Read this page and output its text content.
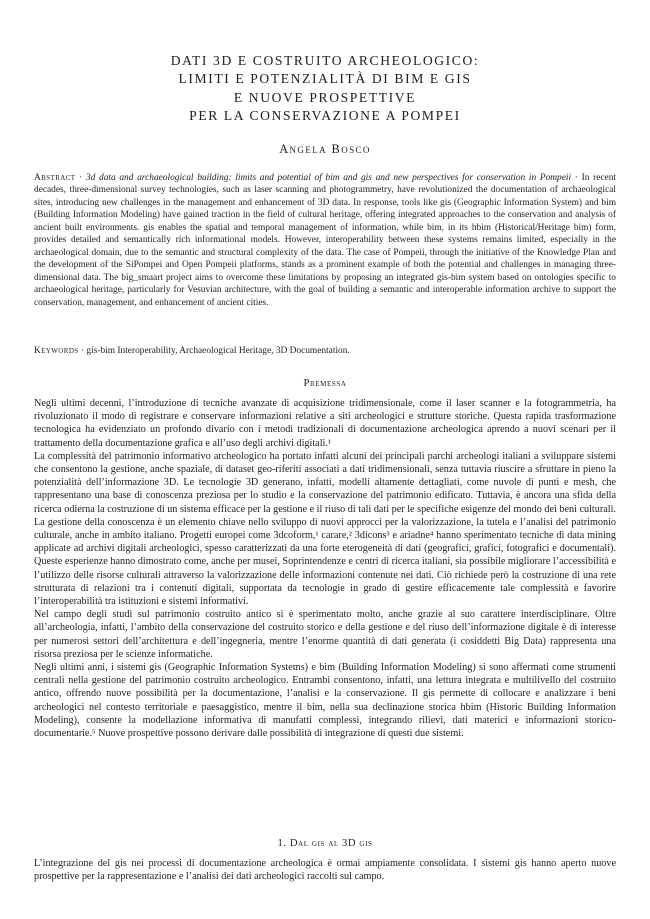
DATI 3D E COSTRUITO ARCHEOLOGICO:

LIMITI E POTENZIALITÀ DI BIM E GIS

E NUOVE PROSPETTIVE

PER LA CONSERVAZIONE A POMPEI

Angela Bosco
Abstract · 3d data and archaeological building: limits and potential of bim and gis and new perspectives for conservation in Pompeii · In recent decades, three-dimensional survey technologies, such as laser scanning and photogrammetry, have revolutionized the documentation of archaeological sites, introducing new challenges in the management and enhancement of 3D data. In response, tools like gis (Geographic Information System) and bim (Building Information Modeling) have gained traction in the field of cultural heritage, offering integrated approaches to the conservation and analysis of ancient built environments. gis enables the spatial and temporal management of information, while bim, in its hbim (Historical/Heritage bim) form, provides detailed and semantically rich informational models. However, interoperability between these systems remains limited, especially in the archaeological domain, due to the semantic and structural complexity of the data. The case of Pompeii, through the initiative of the Knowledge Plan and the development of the SiPompei and Open Pompeii platforms, stands as a prominent example of both the potential and challenges in managing three-dimensional data. The big_smaart project aims to overcome these limitations by proposing an integrated gis-bim system based on ontologies specific to archaeological heritage, particularly for Vesuvian architecture, with the goal of building a semantic and interoperable information archive to support the conservation, management, and enhancement of ancient cities.
Keywords · gis-bim Interoperability, Archaeological Heritage, 3D Documentation.
Premessa

Negli ultimi decenni, l’introduzione di tecniche avanzate di acquisizione tridimensionale, come il laser scanner e la fotogrammetria, ha rivoluzionato il modo di registrare e conservare informazioni relative a siti archeologici e strutture storiche. Questa rapida trasformazione tecnologica ha evidenziato un profondo divario con i metodi tradizionali di documentazione archeologica aprendo a nuovi scenari per il trattamento della documentazione grafica e all’uso degli archivi digitali.¹

La complessità del patrimonio informativo archeologico ha portato infatti alcuni dei principali parchi archeologi italiani a sviluppare sistemi che consentono la gestione, anche spaziale, di dataset geo-riferiti associati a dati tridimensionali, senza tuttavia riuscire a sfruttare in pieno la potenzialità dell’informazione 3D. Le tecnologie 3D generano, infatti, modelli altamente dettagliati, come nuvole di punti e mesh, che rappresentano una base di conoscenza preziosa per lo studio e la conservazione del patrimonio edificato. Tuttavia, è ancora una sfida della ricerca odierna la costruzione di un sistema efficace per la gestione e il riuso di tali dati per le specifiche esigenze del mondo dei beni culturali.

La gestione della conoscenza è un elemento chiave nello sviluppo di nuovi approcci per la valorizzazione, la tutela e l’analisi del patrimonio culturale, anche in ambito italiano. Progetti europei come 3dcoform,¹ carare,² 3dicons³ e ariadne⁴ hanno sperimentato tecniche di data mining applicate ad archivi digitali archeologici, spesso caratterizzati da una forte eterogeneità di dati (geografici, grafici, fotografici e documentali). Queste esperienze hanno dimostrato come, anche per musei, Soprintendenze e centri di ricerca italiani, sia possibile migliorare l’accessibilità e l’utilizzo delle risorse culturali attraverso la valorizzazione delle informazioni contenute nei dati. Ciò richiede però la costruzione di una rete strutturata di relazioni tra i contenuti digitali, supportata da tecnologie in grado di gestire efficacemente tale complessità e favorire l’interoperabilità tra istituzioni e sistemi informativi.

Nel campo degli studi sul patrimonio costruito antico si è sperimentato molto, anche grazie al suo carattere interdisciplinare. Oltre all’archeologia, infatti, l’ambito della conservazione del costruito storico e della gestione e del riuso dell’informazione digitale è di interesse per numerosi settori dell’architettura e dell’ingegneria, mentre l’enorme quantità di dati generata (i cosiddetti Big Data) rappresenta una risorsa preziosa per le scienze informatiche.

Negli ultimi anni, i sistemi gis (Geographic Information Systems) e bim (Building Information Modeling) si sono affermati come strumenti centrali nella gestione del patrimonio costruito archeologico. Entrambi consentono, infatti, una lettura integrata e multilivello del costruito antico, offrendo nuove possibilità per la documentazione, l’analisi e la conservazione. Il gis permette di collocare e analizzare i beni archeologici nel contesto territoriale e paesaggistico, mentre il bim, nella sua declinazione storica hbim (Historic Building Information Modeling), consente la modellazione informativa di manufatti complessi, integrando rilievi, dati materici e informazioni storico-documentarie.⁵ Nuove prospettive possono derivare dalle possibilità di integrazione di questi due sistemi.

1. Dal gis al 3D gis

L’integrazione del gis nei processi di documentazione archeologica è ormai ampiamente consolidata. I sistemi gis hanno aperto nuove prospettive per la rappresentazione e l’analisi dei dati archeologici raccolti sul campo.
